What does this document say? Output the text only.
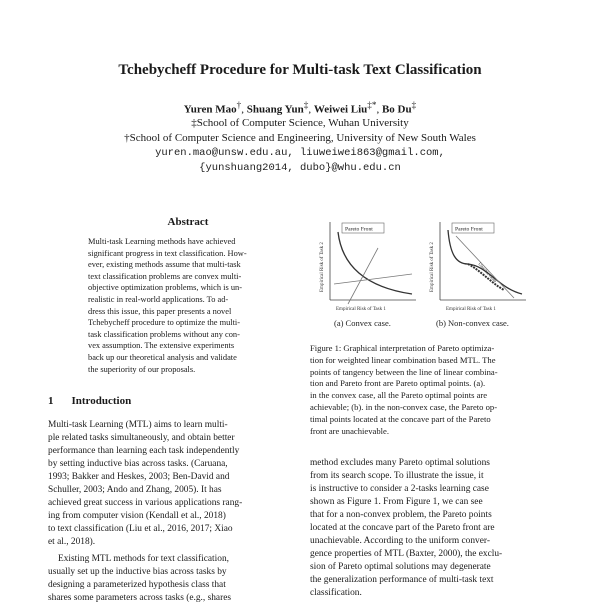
Tchebycheff Procedure for Multi-task Text Classification
Yuren Mao†, Shuang Yun‡, Weiwei Liu‡*, Bo Du‡
‡School of Computer Science, Wuhan University
†School of Computer Science and Engineering, University of New South Wales
yuren.mao@unsw.edu.au, liuweiwei863@gmail.com,
{yunshuang2014, dubo}@whu.edu.cn
Abstract
Multi-task Learning methods have achieved
significant progress in text classification. How-
ever, existing methods assume that multi-task
text classification problems are convex multi-
objective optimization problems, which is un-
realistic in real-world applications. To ad-
dress this issue, this paper presents a novel
Tchebycheff procedure to optimize the multi-
task classification problems without any con-
vex assumption. The extensive experiments
back up our theoretical analysis and validate
the superiority of our proposals.
1 Introduction
Multi-task Learning (MTL) aims to learn multi-
ple related tasks simultaneously, and obtain better
performance than learning each task independently
by setting inductive bias across tasks. (Caruana,
1993; Bakker and Heskes, 2003; Ben-David and
Schuller, 2003; Ando and Zhang, 2005). It has
achieved great success in various applications rang-
ing from computer vision (Kendall et al., 2018)
to text classification (Liu et al., 2016, 2017; Xiao
et al., 2018).
Existing MTL methods for text classification,
usually set up the inductive bias across tasks by
designing a parameterized hypothesis class that
shares some parameters across tasks (e.g., shares
Pareto Front
Empirical Risk of Task 2
Empirical Risk of Task 1
(a) Convex case.
Pareto Front
Unachievable
Empirical Risk of Task 2
Empirical Risk of Task 1
(b) Non-convex case.
Figure 1: Graphical interpretation of Pareto optimiza-
tion for weighted linear combination based MTL. The
points of tangency between the line of linear combina-
tion and Pareto front are Pareto optimal points. (a).
in the convex case, all the Pareto optimal points are
achievable; (b). in the non-convex case, the Pareto op-
timal points located at the concave part of the Pareto
front are unachievable.
method excludes many Pareto optimal solutions
from its search scope. To illustrate the issue, it
is instructive to consider a 2-tasks learning case
shown as Figure 1. From Figure 1, we can see
that for a non-convex problem, the Pareto points
located at the concave part of the Pareto front are
unachievable. According to the uniform conver-
gence properties of MTL (Baxter, 2000), the exclu-
sion of Pareto optimal solutions may degenerate
the generalization performance of multi-task text
classification.
